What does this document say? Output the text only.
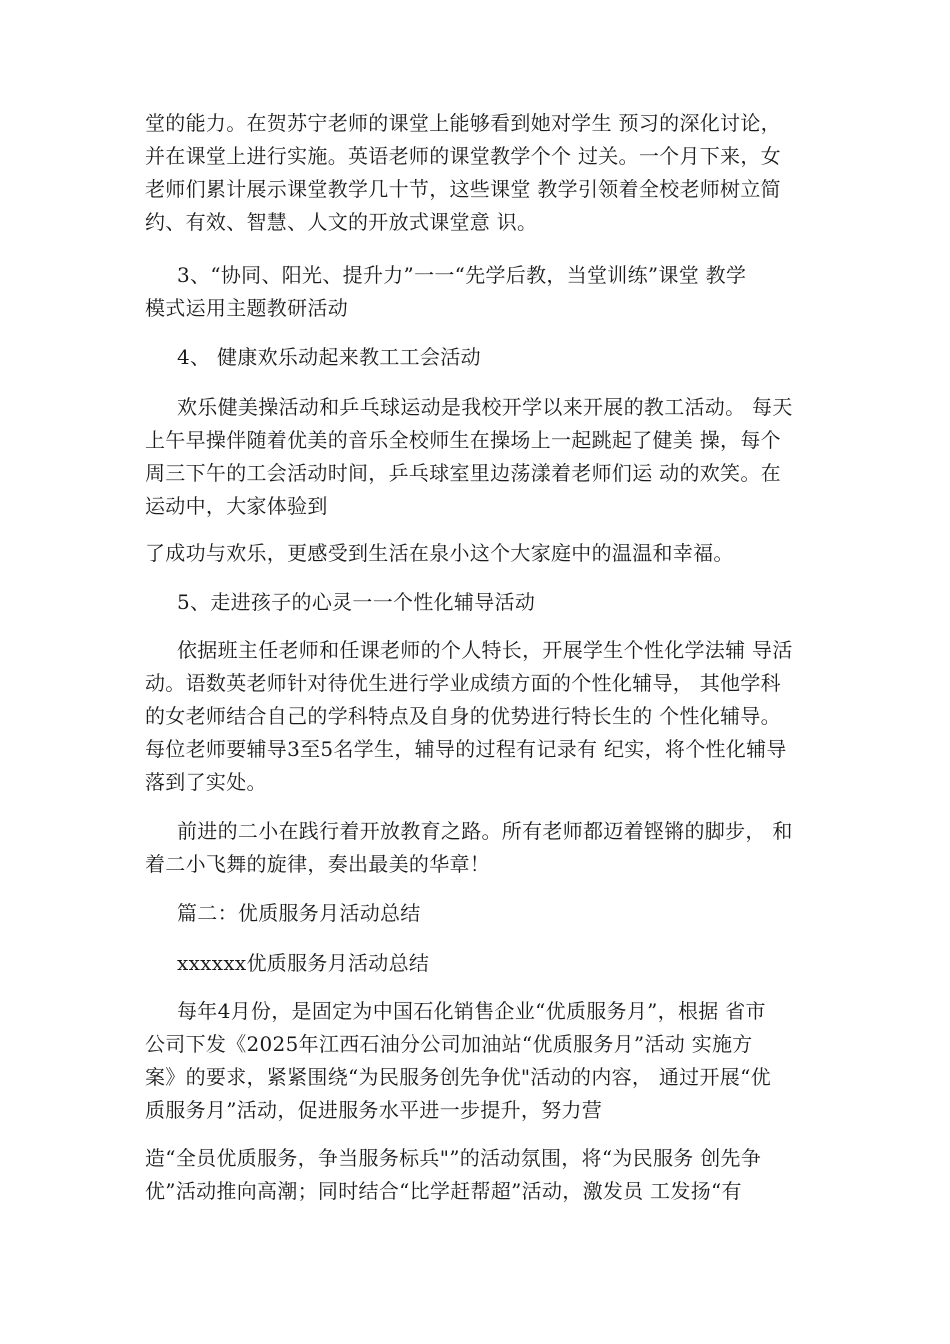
堂的能力。在贺苏宁老师的课堂上能够看到她对学生 预习的深化讨论，
并在课堂上进行实施。英语老师的课堂教学个个 过关。一个月下来，女
老师们累计展示课堂教学几十节，这些课堂 教学引领着全校老师树立简
约、有效、智慧、人文的开放式课堂意 识。

3、“协同、阳光、提升力”一一“先学后教，当堂训练”课堂 教学
模式运用主题教研活动

4、 健康欢乐动起来教工工会活动

欢乐健美操活动和乒乓球运动是我校开学以来开展的教工活动。 每天
上午早操伴随着优美的音乐全校师生在操场上一起跳起了健美 操，每个
周三下午的工会活动时间，乒乓球室里边荡漾着老师们运 动的欢笑。在
运动中，大家体验到

了成功与欢乐，更感受到生活在泉小这个大家庭中的温温和幸福。

5、走进孩子的心灵一一个性化辅导活动

依据班主任老师和任课老师的个人特长，开展学生个性化学法辅 导活
动。语数英老师针对待优生进行学业成绩方面的个性化辅导， 其他学科
的女老师结合自己的学科特点及自身的优势进行特长生的 个性化辅导。
每位老师要辅导3至5名学生，辅导的过程有记录有 纪实，将个性化辅导
落到了实处。

前进的二小在践行着开放教育之路。所有老师都迈着铿锵的脚步， 和
着二小飞舞的旋律，奏出最美的华章！

篇二：优质服务月活动总结

xxxxxx优质服务月活动总结

每年4月份，是固定为中国石化销售企业“优质服务月”，根据 省市
公司下发《2025年江西石油分公司加油站“优质服务月”活动 实施方
案》的要求，紧紧围绕“为民服务创先争优"活动的内容， 通过开展“优
质服务月”活动，促进服务水平进一步提升，努力营

造“全员优质服务，争当服务标兵"”的活动氛围，将“为民服务 创先争
优”活动推向高潮；同时结合“比学赶帮超”活动，激发员 工发扬“有
